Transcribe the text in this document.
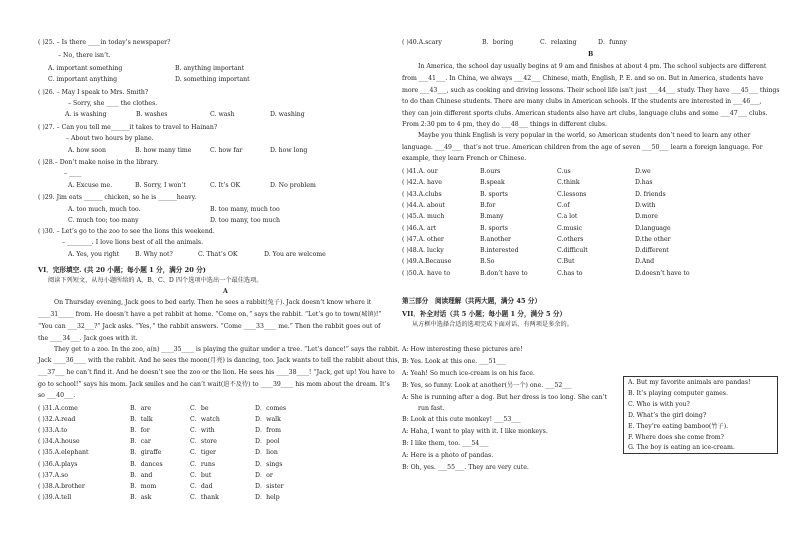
( )25. – Is there ____in today’s newspaper?
– No, there isn’t.
A. important something	B. anything important
C. important anything	D. something important
( )26. – May I speak to Mrs. Smith?
– Sorry, she ____ the clothes.
A. is washing	B. washes	C. wash	D. washing
( )27. – Can you tell me______it takes to travel to Hainan?
– About two hours by plane.
A. how soon	B. how many time	C. how far	D. how long
( )28.– Don’t make noise in the library.
– ____
A. Excuse me.	B. Sorry, I won’t	C. It’s OK	D. No problem
( )29. Jim eats ______ chicken, so he is ______heavy.
A. too much, much too.	B. too many, much too
C. much too; too many	D. too many, too much
( )30. – Let’s go to the zoo to see the lions this weekend.
– ________. I love lions best of all the animals.
A. Yes, you right	B. Why not?	C. That’s OK	D. You are welcome
VI．完形填空. (共 20 小题；每小题 1 分，满分 20 分)
阅读下列短文，从每小题所给的 A、B、C、D 四个选项中选出一个最佳选项。
A
On Thursday evening, Jack goes to bed early. Then he sees a rabbit(兔子). Jack doesn’t know where it
____31_____ from. He doesn’t have a pet rabbit at home. “Come on，” says the rabbit. “Let’s go to town(城镇)!”
“You can ___32___?” Jack asks. “Yes，” the rabbit answers. “Come ____33____ me.” Then the rabbit goes out of
the ____34___. Jack goes with it.
They get to a zoo. In the zoo, a(n) ____35____ is playing the guitar under a tree. “Let’s dance!” says the rabbit.
Jack ____36____ with the rabbit. And he sees the moon(月亮) is dancing, too. Jack wants to tell the rabbit about this,
___37___ he can’t find it. And he doesn’t see the zoo or the lion. He sees his ____38____! “Jack, get up! You have to
go to school!” says his mom. Jack smiles and he can’t wait(迫不及待) to ____39____ his mom about the dream. It’s
so ___40___.
( )31.A.come	B．are	C．be	D．comes
( )32.A.read	B．talk	C．watch	D．walk
( )33.A.to	B．for	C．with	D．from
( )34.A.house	B．car	C．store	D．pool
( )35.A.elephant	B．giraffe	C．tiger	D．lion
( )36.A.plays	B．dances	C．runs	D．sings
( )37.A.so	B．and	C．but	D．or
( )38.A.brother	B．mom	C．dad	D．sister
( )39.A.tell	B．ask	C．thank	D．help
( )40.A.scary	B．boring	C．relaxing	D．funny
B
In America, the school day usually begins at 9 am and finishes at about 4 pm. The school subjects are different
from ___41___. In China, we always ___42___ Chinese, math, English, P. E. and so on. But in America, students have
more ___43___, such as cooking and driving lessons. Their school life isn’t just ___44___ study. They have ___45___ things
to do than Chinese students. There are many clubs in American schools. If the students are interested in ___46___,
they can join different sports clubs. American students also have art clubs, language clubs and some ___47___ clubs.
From 2:30 pm to 4 pm, they do ___48___ things in different clubs.
Maybe you think English is very popular in the world, so American students don’t need to learn any other
language. ___49___ that’s not true. American children from the age of seven ___50___ learn a foreign language. For
example, they learn French or Chinese.
( )41.A. our	B.ours	C.us	D.we
( )42.A. have	B.speak	C.think	D.has
( )43.A.clubs	B. sports	C.lessons	D. friends
( )44.A. about	B.for	C.of	D.with
( )45.A. much	B.many	C.a lot	D.more
( )46.A. art	B. sports	C.music	D.language
( )47.A. other	B.another	C.others	D.the other
( )48.A. lucky	B.interested	C.difficult	D.different
( )49.A.Because	B.So	C.But	D.And
( )50.A. have to	B.don’t have to	C.has to	D.doesn’t have to
第三部分　阅读理解（共两大题，满分 45 分）
VII．补全对话（共 5 小题；每小题 1 分，满分 5 分）
从方框中选择合适的选项完成下面对话，有两项是多余的。
A: How interesting these pictures are!
B: Yes. Look at this one. ___51___
A: Yeah! So much ice-cream is on his face.
B: Yes, so funny. Look at another(另一个) one. ___52___
A: She is running after a dog. But her dress is too long. She can’t
run fast.
B: Look at this cute monkey! ___53___
A: Haha, I want to play with it. I like monkeys.
B: I like them, too. ___54___
A: Here is a photo of pandas.
B: Oh, yes. ___55___. They are very cute.
A. But my favorite animals are pandas!
B. It’s playing computer games.
C. Who is with you?
D. What’s the girl doing?
E. They’re eating bamboo(竹子).
F. Where does she come from?
G. The boy is eating an ice-cream.
